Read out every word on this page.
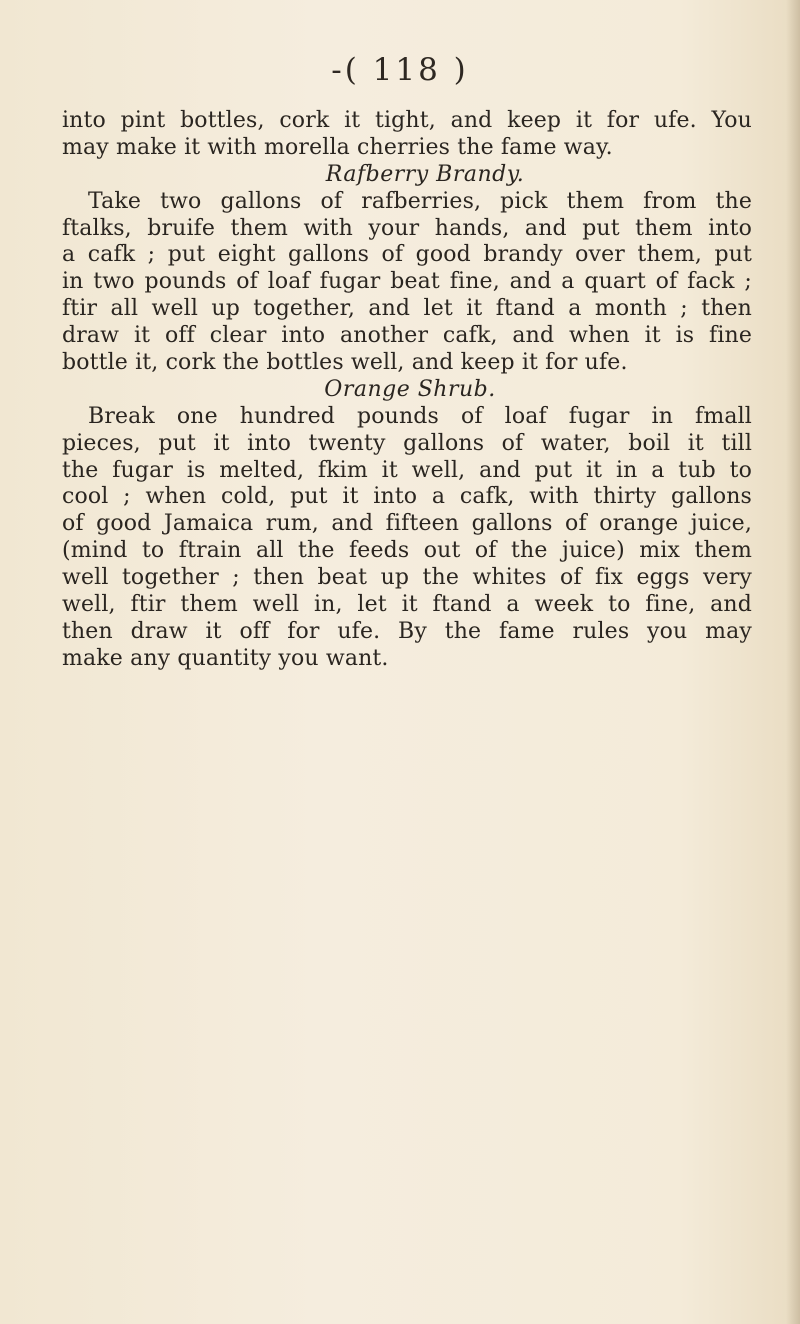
-( 118 )
into pint bottles, cork it tight, and keep it for ufe. You
may make it with morella cherries the fame way.
Rafberry Brandy.
Take two gallons of rafberries, pick them from the
ftalks, bruife them with your hands, and put them into
a cafk ; put eight gallons of good brandy over them, put
in two pounds of loaf fugar beat fine, and a quart of fack ;
ftir all well up together, and let it ftand a month ; then
draw it off clear into another cafk, and when it is fine
bottle it, cork the bottles well, and keep it for ufe.
Orange Shrub.
Break one hundred pounds of loaf fugar in fmall
pieces, put it into twenty gallons of water, boil it till
the fugar is melted, fkim it well, and put it in a tub to
cool ; when cold, put it into a cafk, with thirty gallons
of good Jamaica rum, and fifteen gallons of orange juice,
(mind to ftrain all the feeds out of the juice) mix them
well together ; then beat up the whites of fix eggs very
well, ftir them well in, let it ftand a week to fine, and
then draw it off for ufe. By the fame rules you may
make any quantity you want.
